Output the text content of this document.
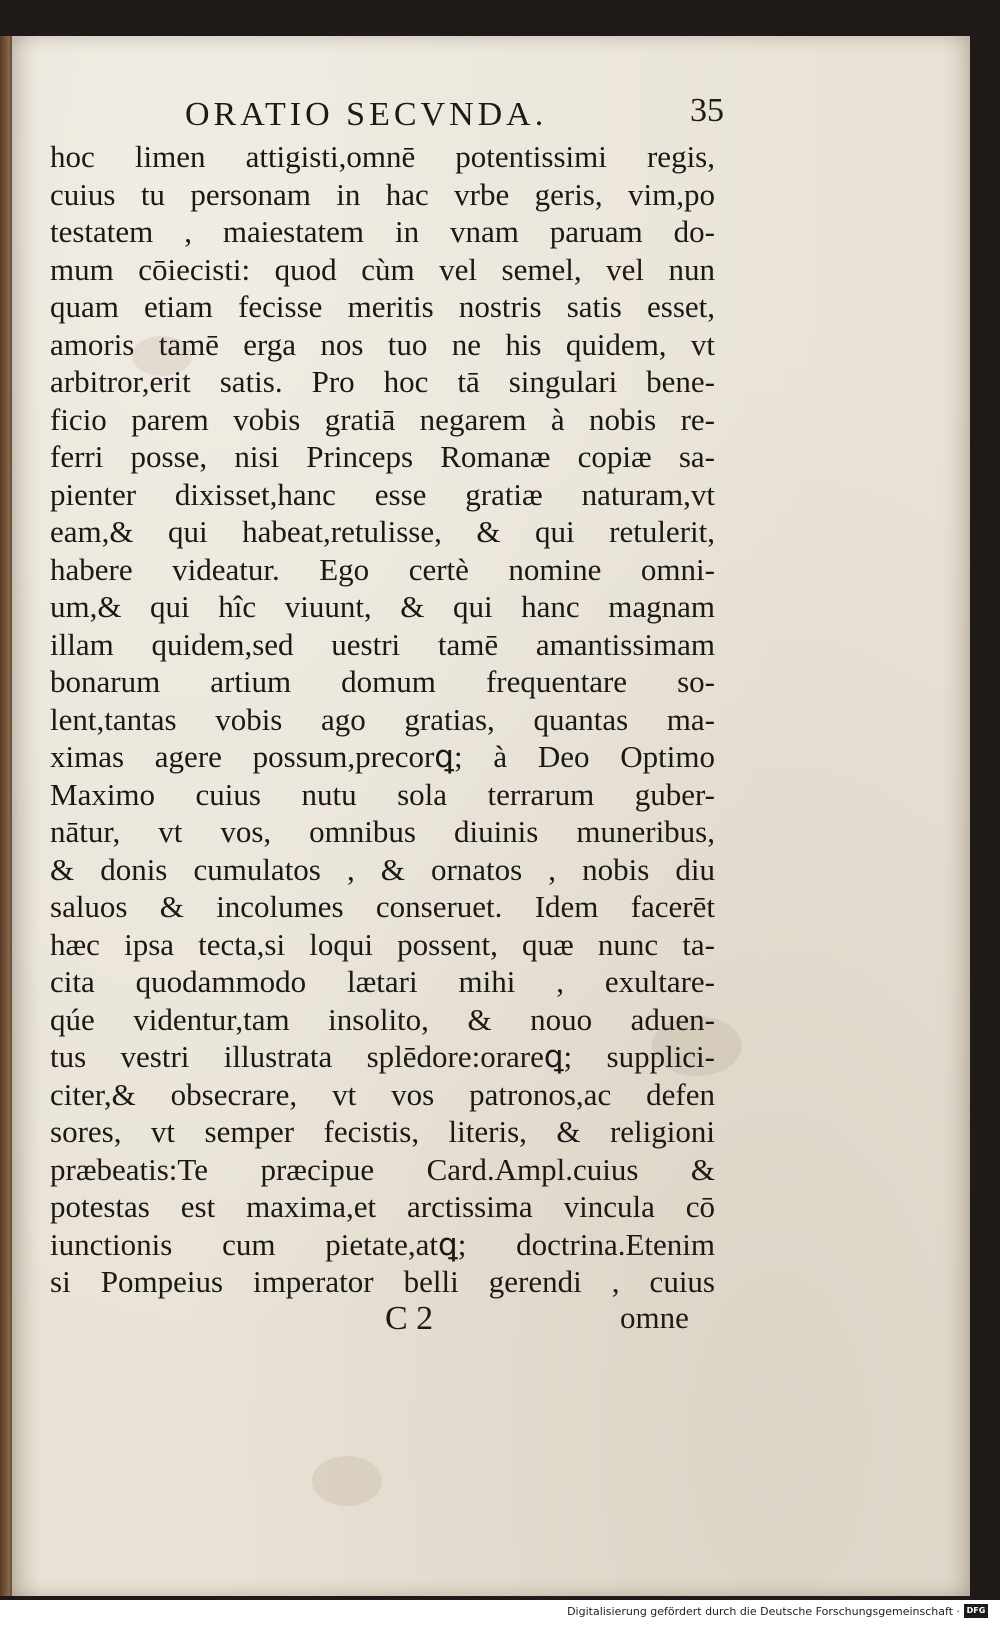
ORATIO SECVNDA.	35
hoc limen attigisti,omnē potentissimi regis,
cuius tu personam in hac vrbe geris, vim,po
testatem , maiestatem in vnam paruam do-
mum cōiecisti: quod cùm vel semel, vel nun
quam etiam fecisse meritis nostris satis esset,
amoris tamē erga nos tuo ne his quidem, vt
arbitror,erit satis. Pro hoc tā singulari bene-
ficio parem vobis gratiā negarem à nobis re-
ferri posse, nisi Princeps Romanæ copiæ sa-
pienter dixisset,hanc esse gratiæ naturam,vt
eam,& qui habeat,retulisse, & qui retulerit,
habere videatur. Ego certè nomine omni-
um,& qui hîc viuunt, & qui hanc magnam
illam quidem,sed uestri tamē amantissimam
bonarum artium domum frequentare so-
lent,tantas vobis ago gratias, quantas ma-
ximas agere possum,precorꝗ; à Deo Optimo
Maximo cuius nutu sola terrarum guber-
nātur, vt vos, omnibus diuinis muneribus,
& donis cumulatos , & ornatos , nobis diu
saluos & incolumes conseruet. Idem facerēt
hæc ipsa tecta,si loqui possent, quæ nunc ta-
cita quodammodo lætari mihi , exultare-
qúe videntur,tam insolito, & nouo aduen-
tus vestri illustrata splēdore:orareꝗ; supplici-
citer,& obsecrare, vt vos patronos,ac defen
sores, vt semper fecistis, literis, & religioni
præbeatis:Te præcipue Card.Ampl.cuius &
potestas est maxima,et arctissima vincula cō
iunctionis cum pietate,atꝗ; doctrina.Etenim
si Pompeius imperator belli gerendi , cuius
C 2	omne
Digitalisierung gefördert durch die Deutsche Forschungsgemeinschaft · DFG
